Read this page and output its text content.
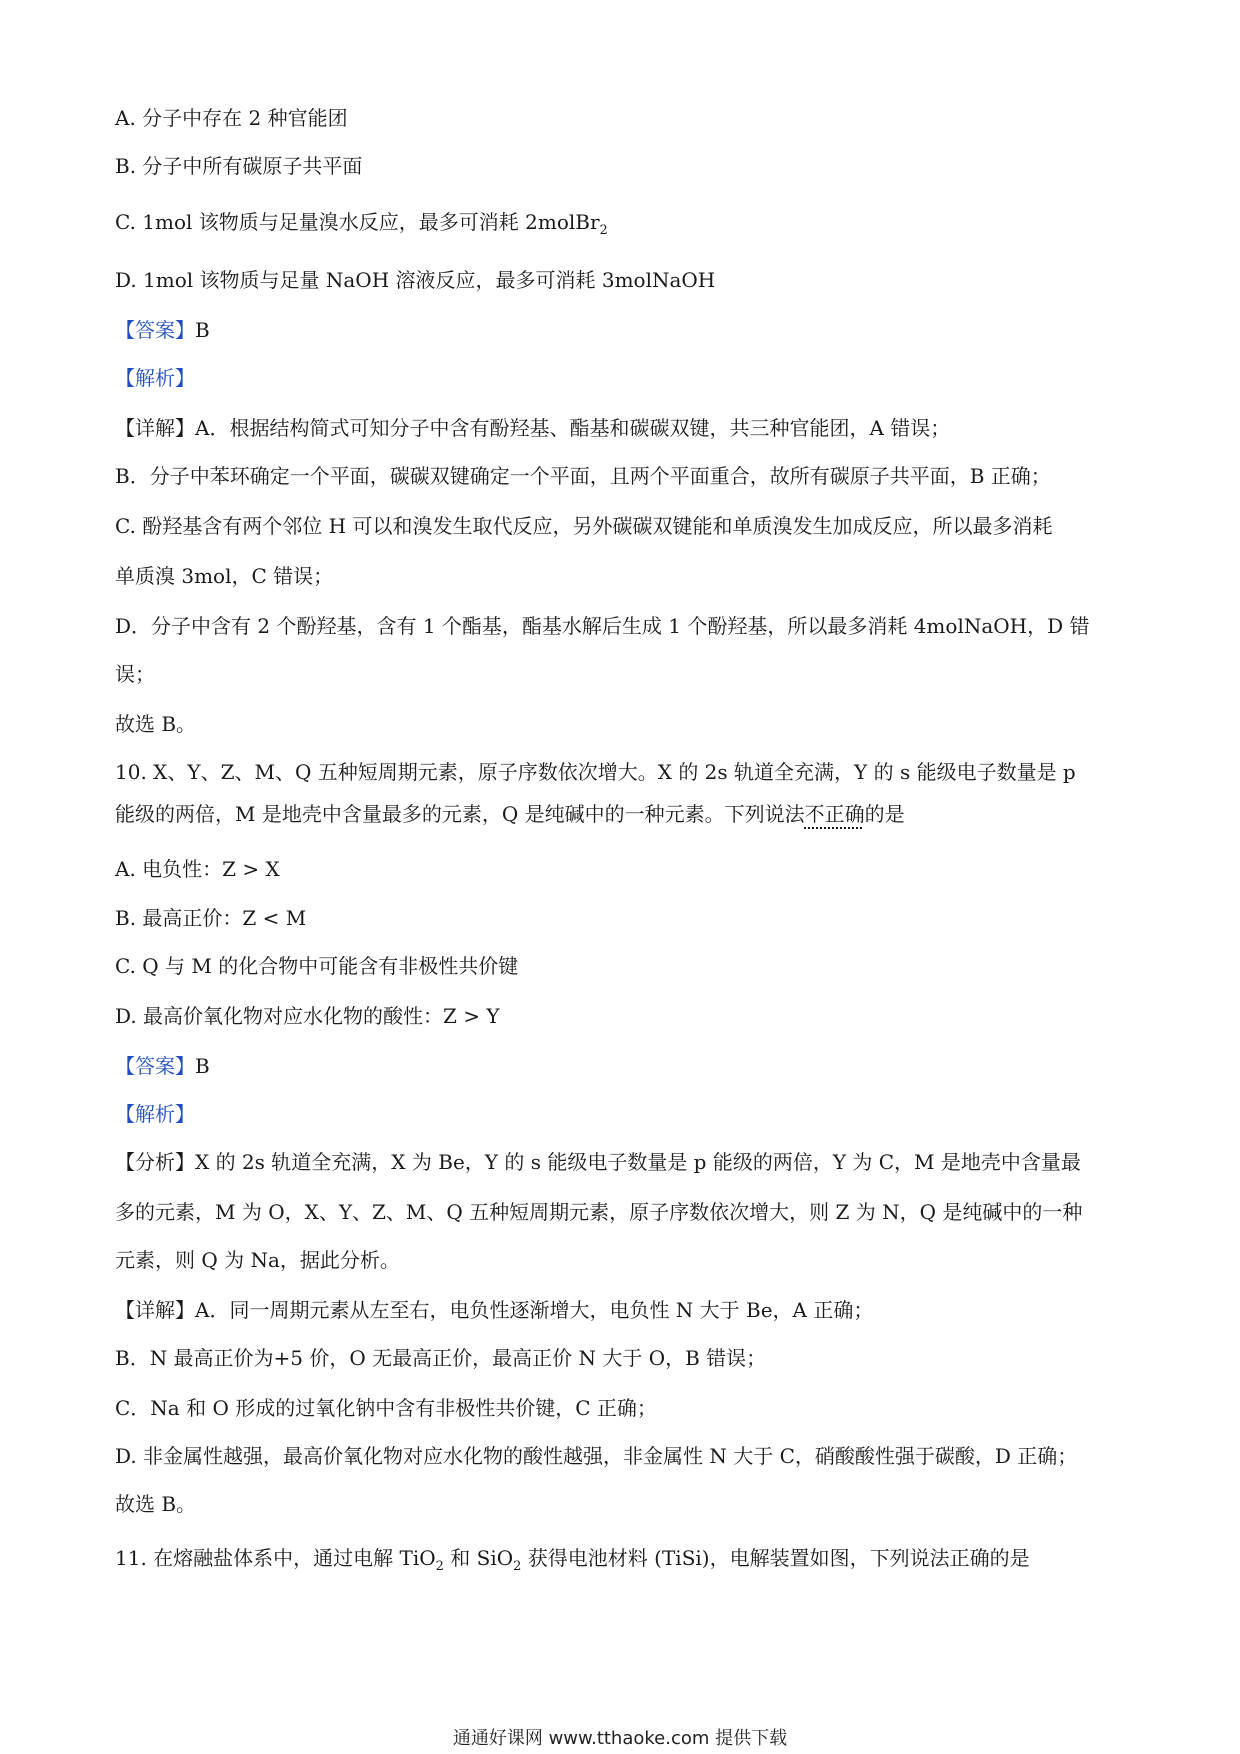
A. 分子中存在 2 种官能团
B. 分子中所有碳原子共平面
C. 1mol 该物质与足量溴水反应，最多可消耗 2molBr$_2$
D. 1mol 该物质与足量 NaOH 溶液反应，最多可消耗 3molNaOH
【答案】B
【解析】
【详解】A．根据结构简式可知分子中含有酚羟基、酯基和碳碳双键，共三种官能团，A 错误；
B．分子中苯环确定一个平面，碳碳双键确定一个平面，且两个平面重合，故所有碳原子共平面，B 正确；
C. 酚羟基含有两个邻位 H 可以和溴发生取代反应，另外碳碳双键能和单质溴发生加成反应，所以最多消耗
单质溴 3mol，C 错误；
D．分子中含有 2 个酚羟基，含有 1 个酯基，酯基水解后生成 1 个酚羟基，所以最多消耗 4molNaOH，D 错
误；
故选 B。
10. X、Y、Z、M、Q 五种短周期元素，原子序数依次增大。X 的 2s 轨道全充满，Y 的 s 能级电子数量是 p
能级的两倍，M 是地壳中含量最多的元素，Q 是纯碱中的一种元素。下列说法不正确的是
A. 电负性：Z > X
B. 最高正价：Z < M
C. Q 与 M 的化合物中可能含有非极性共价键
D. 最高价氧化物对应水化物的酸性：Z > Y
【答案】B
【解析】
【分析】X 的 2s 轨道全充满，X 为 Be，Y 的 s 能级电子数量是 p 能级的两倍，Y 为 C，M 是地壳中含量最
多的元素，M 为 O，X、Y、Z、M、Q 五种短周期元素，原子序数依次增大，则 Z 为 N，Q 是纯碱中的一种
元素，则 Q 为 Na，据此分析。
【详解】A．同一周期元素从左至右，电负性逐渐增大，电负性 N 大于 Be，A 正确；
B．N 最高正价为+5 价，O 无最高正价，最高正价 N 大于 O，B 错误；
C．Na 和 O 形成的过氧化钠中含有非极性共价键，C 正确；
D. 非金属性越强，最高价氧化物对应水化物的酸性越强，非金属性 N 大于 C，硝酸酸性强于碳酸，D 正确；
故选 B。
11. 在熔融盐体系中，通过电解 TiO$_2$ 和 SiO$_2$ 获得电池材料 (TiSi)，电解装置如图，下列说法正确的是
通通好课网 www.tthaoke.com 提供下载
